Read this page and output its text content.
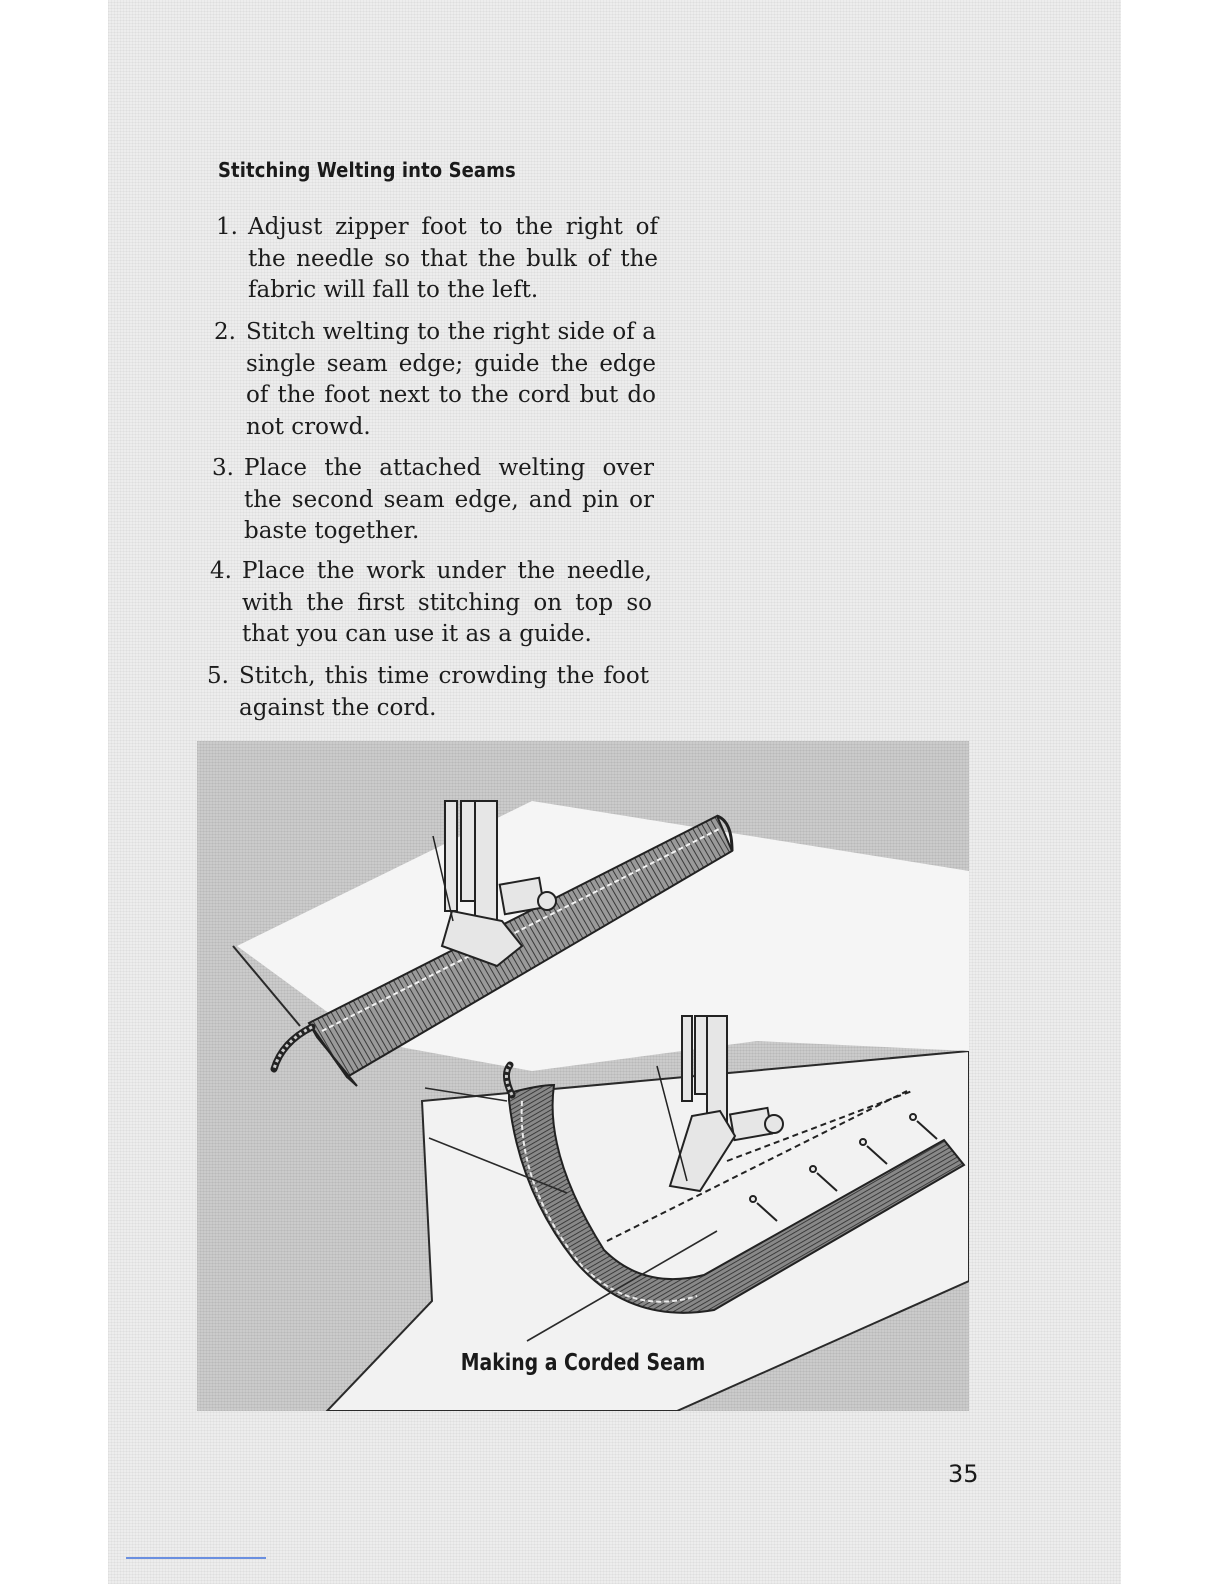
Stitching Welting into Seams
1. Adjust zipper foot to the right of the needle so that the bulk of the fabric will fall to the left.
2. Stitch welting to the right side of a single seam edge; guide the edge of the foot next to the cord but do not crowd.
3. Place the attached welting over the second seam edge, and pin or baste together.
4. Place the work under the needle, with the first stitching on top so that you can use it as a guide.
5. Stitch, this time crowding the foot against the cord.
Making a Corded Seam
35
